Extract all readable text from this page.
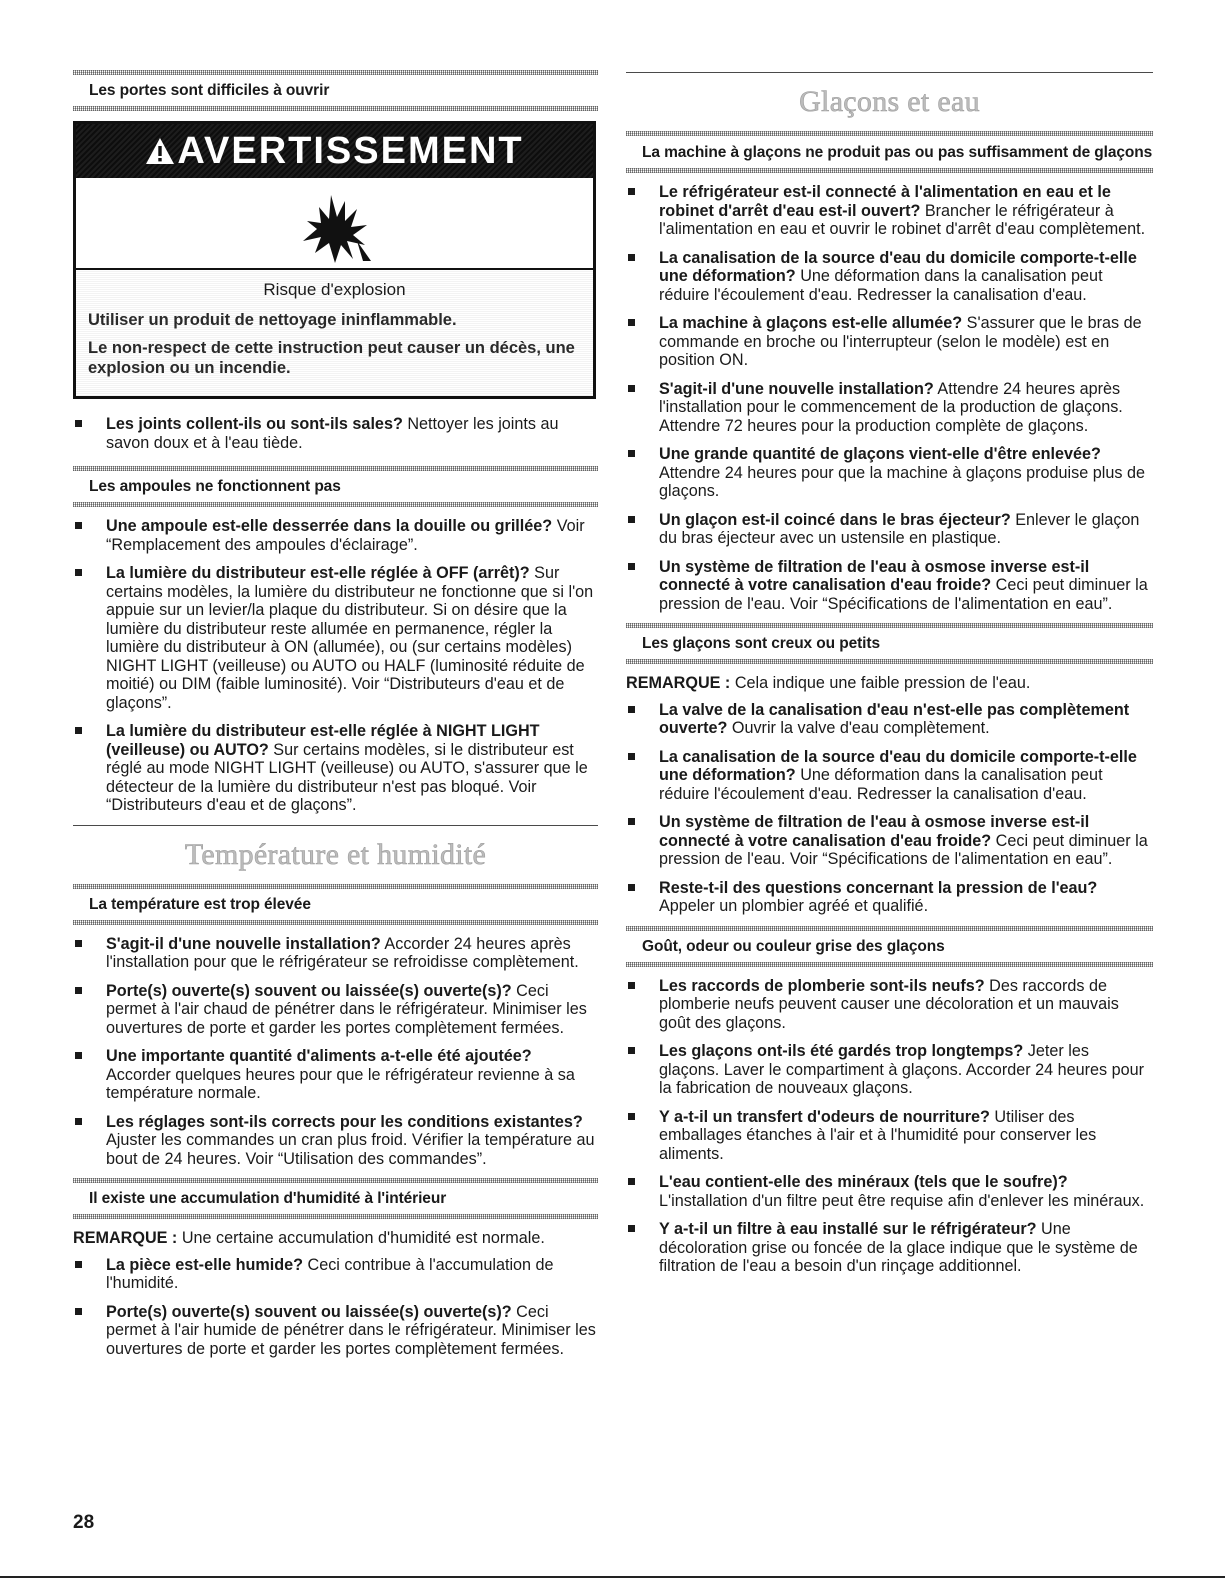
Les portes sont difficiles à ouvrir
AVERTISSEMENT
Risque d'explosion
Utiliser un produit de nettoyage ininflammable.
Le non-respect de cette instruction peut causer un décès, une explosion ou un incendie.
Les joints collent-ils ou sont-ils sales? Nettoyer les joints au savon doux et à l'eau tiède.
Les ampoules ne fonctionnent pas
Une ampoule est-elle desserrée dans la douille ou grillée? Voir “Remplacement des ampoules d'éclairage”.
La lumière du distributeur est-elle réglée à OFF (arrêt)? Sur certains modèles, la lumière du distributeur ne fonctionne que si l'on appuie sur un levier/la plaque du distributeur. Si on désire que la lumière du distributeur reste allumée en permanence, régler la lumière du distributeur à ON (allumée), ou (sur certains modèles) NIGHT LIGHT (veilleuse) ou AUTO ou HALF (luminosité réduite de moitié) ou DIM (faible luminosité). Voir “Distributeurs d'eau et de glaçons”.
La lumière du distributeur est-elle réglée à NIGHT LIGHT (veilleuse) ou AUTO? Sur certains modèles, si le distributeur est réglé au mode NIGHT LIGHT (veilleuse) ou AUTO, s'assurer que le détecteur de la lumière du distributeur n'est pas bloqué. Voir “Distributeurs d'eau et de glaçons”.
Température et humidité
La température est trop élevée
S'agit-il d'une nouvelle installation? Accorder 24 heures après l'installation pour que le réfrigérateur se refroidisse complètement.
Porte(s) ouverte(s) souvent ou laissée(s) ouverte(s)? Ceci permet à l'air chaud de pénétrer dans le réfrigérateur. Minimiser les ouvertures de porte et garder les portes complètement fermées.
Une importante quantité d'aliments a-t-elle été ajoutée? Accorder quelques heures pour que le réfrigérateur revienne à sa température normale.
Les réglages sont-ils corrects pour les conditions existantes? Ajuster les commandes un cran plus froid. Vérifier la température au bout de 24 heures. Voir “Utilisation des commandes”.
Il existe une accumulation d'humidité à l'intérieur

REMARQUE : Une certaine accumulation d'humidité est normale.

La pièce est-elle humide? Ceci contribue à l'accumulation de l'humidité.
Porte(s) ouverte(s) souvent ou laissée(s) ouverte(s)? Ceci permet à l'air humide de pénétrer dans le réfrigérateur. Minimiser les ouvertures de porte et garder les portes complètement fermées.
Glaçons et eau
La machine à glaçons ne produit pas ou pas suffisamment de glaçons
Le réfrigérateur est-il connecté à l'alimentation en eau et le robinet d'arrêt d'eau est-il ouvert? Brancher le réfrigérateur à l'alimentation en eau et ouvrir le robinet d'arrêt d'eau complètement.
La canalisation de la source d'eau du domicile comporte-t-elle une déformation? Une déformation dans la canalisation peut réduire l'écoulement d'eau. Redresser la canalisation d'eau.
La machine à glaçons est-elle allumée? S'assurer que le bras de commande en broche ou l'interrupteur (selon le modèle) est en position ON.
S'agit-il d'une nouvelle installation? Attendre 24 heures après l'installation pour le commencement de la production de glaçons. Attendre 72 heures pour la production complète de glaçons.
Une grande quantité de glaçons vient-elle d'être enlevée? Attendre 24 heures pour que la machine à glaçons produise plus de glaçons.
Un glaçon est-il coincé dans le bras éjecteur? Enlever le glaçon du bras éjecteur avec un ustensile en plastique.
Un système de filtration de l'eau à osmose inverse est-il connecté à votre canalisation d'eau froide? Ceci peut diminuer la pression de l'eau. Voir “Spécifications de l'alimentation en eau”.
Les glaçons sont creux ou petits

REMARQUE : Cela indique une faible pression de l'eau.

La valve de la canalisation d'eau n'est-elle pas complètement ouverte? Ouvrir la valve d'eau complètement.
La canalisation de la source d'eau du domicile comporte-t-elle une déformation? Une déformation dans la canalisation peut réduire l'écoulement d'eau. Redresser la canalisation d'eau.
Un système de filtration de l'eau à osmose inverse est-il connecté à votre canalisation d'eau froide? Ceci peut diminuer la pression de l'eau. Voir “Spécifications de l'alimentation en eau”.
Reste-t-il des questions concernant la pression de l'eau? Appeler un plombier agréé et qualifié.
Goût, odeur ou couleur grise des glaçons
Les raccords de plomberie sont-ils neufs? Des raccords de plomberie neufs peuvent causer une décoloration et un mauvais goût des glaçons.
Les glaçons ont-ils été gardés trop longtemps? Jeter les glaçons. Laver le compartiment à glaçons. Accorder 24 heures pour la fabrication de nouveaux glaçons.
Y a-t-il un transfert d'odeurs de nourriture? Utiliser des emballages étanches à l'air et à l'humidité pour conserver les aliments.
L'eau contient-elle des minéraux (tels que le soufre)? L'installation d'un filtre peut être requise afin d'enlever les minéraux.
Y a-t-il un filtre à eau installé sur le réfrigérateur? Une décoloration grise ou foncée de la glace indique que le système de filtration de l'eau a besoin d'un rinçage additionnel.
28
